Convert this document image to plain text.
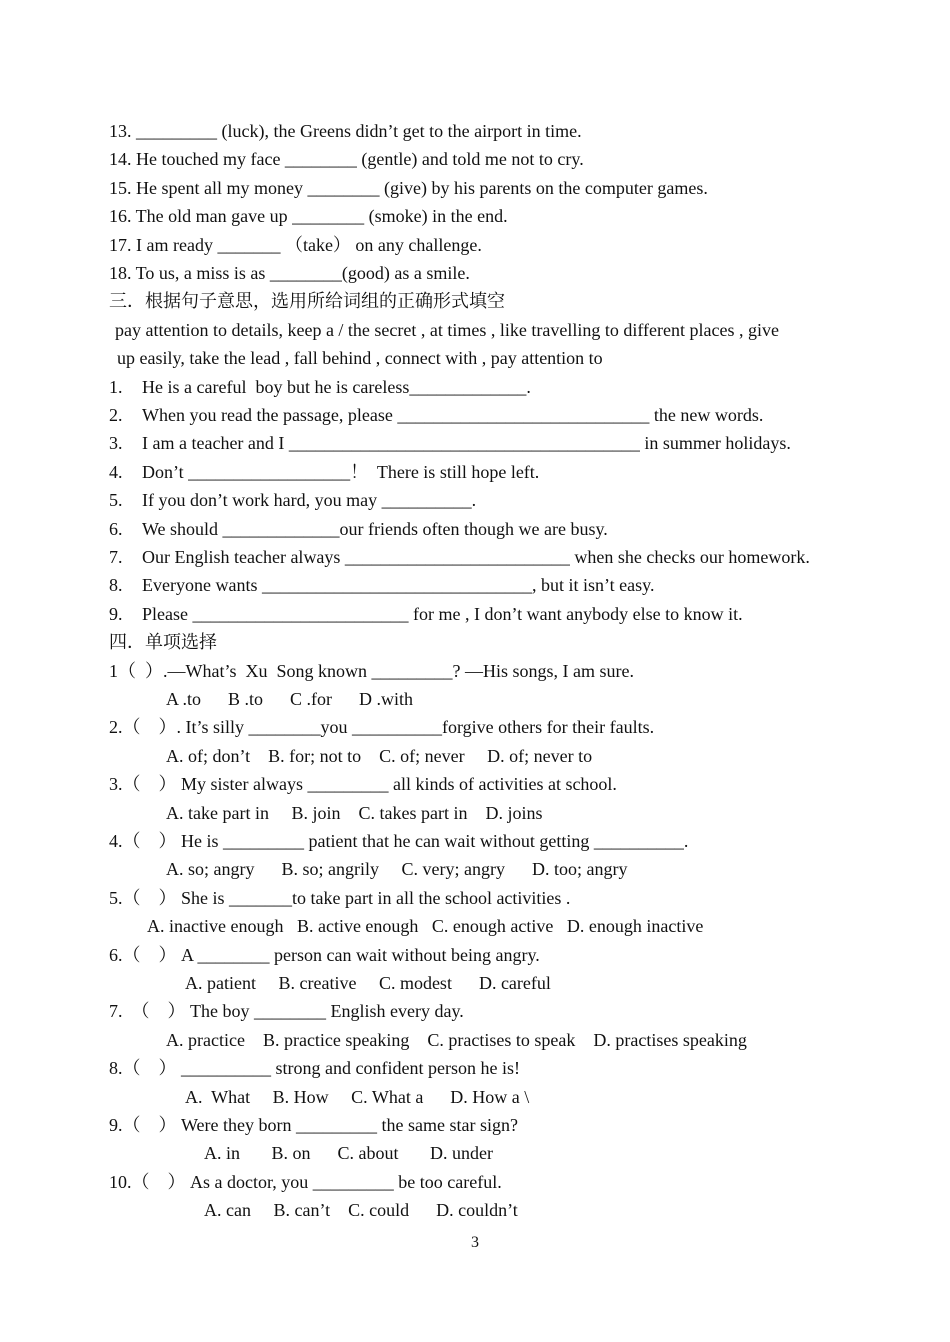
13. _________ (luck), the Greens didn’t get to the airport in time.
14. He touched my face ________ (gentle) and told me not to cry.
15. He spent all my money ________ (give) by his parents on the computer games.
16. The old man gave up ________ (smoke) in the end.
17. I am ready _______ （take） on any challenge.
18. To us, a miss is as ________(good) as a smile.
三．根据句子意思，选用所给词组的正确形式填空
pay attention to details, keep a / the secret , at times , like travelling to different places , give
up easily, take the lead , fall behind , connect with , pay attention to
1. He is a careful  boy but he is careless_____________.
2. When you read the passage, please ____________________________ the new words.
3. I am a teacher and I _______________________________________ in summer holidays.
4. Don’t __________________！  There is still hope left.
5. If you don’t work hard, you may __________.
6. We should _____________our friends often though we are busy.
7. Our English teacher always _________________________ when she checks our homework.
8. Everyone wants ______________________________, but it isn’t easy.
9. Please ________________________ for me , I don’t want anybody else to know it.
四．单项选择
1（  ）.—What’s  Xu  Song known _________? —His songs, I am sure.
A .to      B .to      C .for      D .with
2.（    ）. It’s silly ________you __________forgive others for their faults.
A. of; don’t    B. for; not to    C. of; never     D. of; never to
3.（    ） My sister always _________ all kinds of activities at school.
A. take part in     B. join    C. takes part in    D. joins
4.（    ） He is _________ patient that he can wait without getting __________.
A. so; angry      B. so; angrily     C. very; angry      D. too; angry
5.（    ） She is _______to take part in all the school activities .
A. inactive enough   B. active enough   C. enough active   D. enough inactive
6.（    ） A ________ person can wait without being angry.
A. patient     B. creative     C. modest      D. careful
7.  （    ） The boy ________ English every day.
A. practice    B. practice speaking    C. practises to speak    D. practises speaking
8.（    ） __________ strong and confident person he is!
A.  What     B. How     C. What a      D. How a \
9.（    ） Were they born _________ the same star sign?
A. in       B. on      C. about       D. under
10.（    ） As a doctor, you _________ be too careful.
A. can     B. can’t    C. could      D. couldn’t
3
